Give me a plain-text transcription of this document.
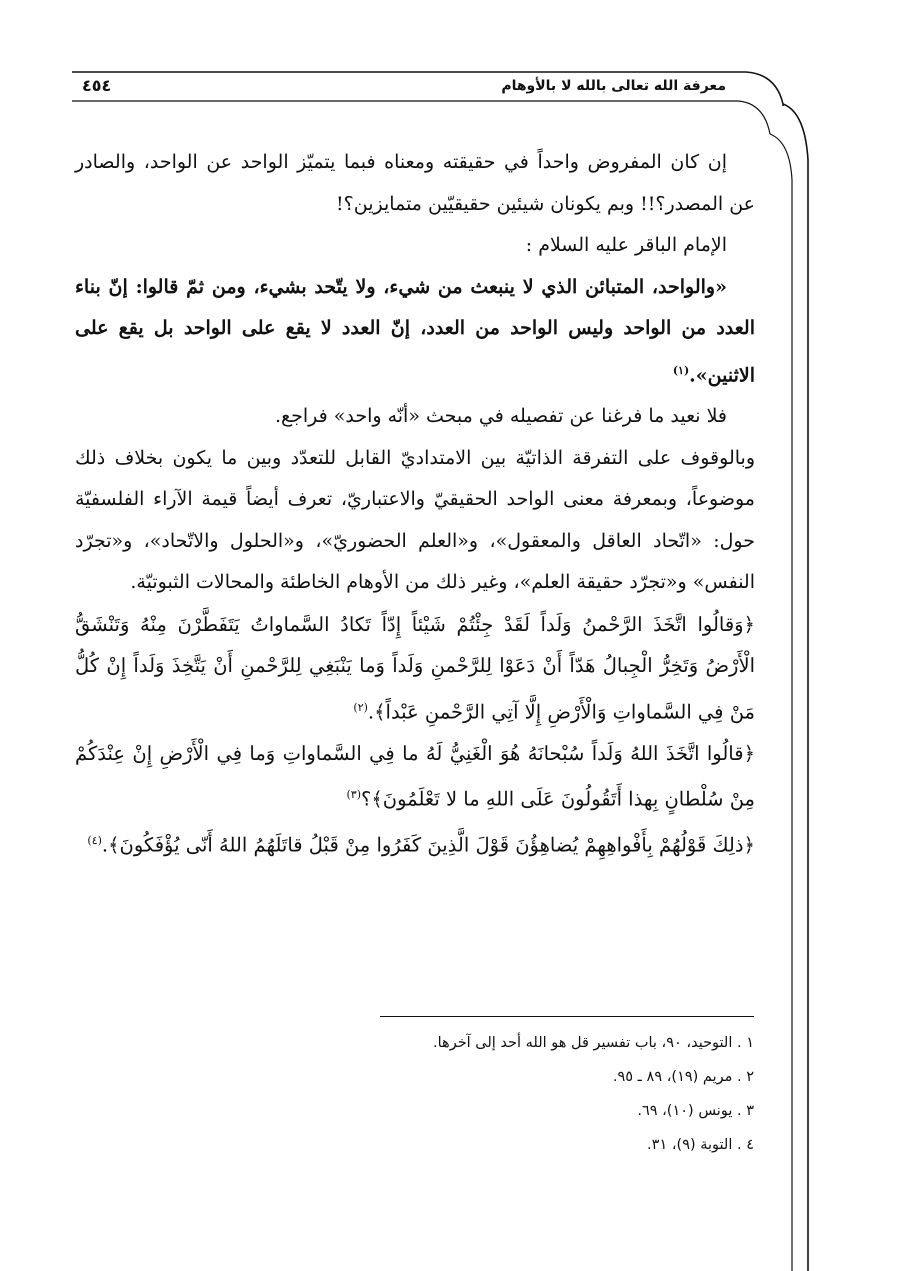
معرفة الله تعالى بالله لا بالأوهام
٤٥٤

إن كان المفروض واحداً في حقيقته ومعناه فبما يتميّز الواحد عن الواحد، والصادر عن المصدر؟!! وبم يكونان شيئين حقيقيّين متمايزين؟!

الإمام الباقر عليه السلام :

«والواحد، المتبائن الذي لا ينبعث من شيء، ولا يتّحد بشيء، ومن ثمّ قالوا: إنّ بناء العدد من الواحد وليس الواحد من العدد، إنّ العدد لا يقع على الواحد بل يقع على الاثنين».$^{(١)}$

فلا نعيد ما فرغنا عن تفصيله في مبحث «أنّه واحد» فراجع.

وبالوقوف على التفرقة الذاتيّة بين الامتداديّ القابل للتعدّد وبين ما يكون بخلاف ذلك موضوعاً، وبمعرفة معنى الواحد الحقيقيّ والاعتباريّ، تعرف أيضاً قيمة الآراء الفلسفيّة حول: «اتّحاد العاقل والمعقول»، و«العلم الحضوريّ»، و«الحلول والاتّحاد»، و«تجرّد النفس» و«تجرّد حقيقة العلم»، وغير ذلك من الأوهام الخاطئة والمحالات الثبوتيّة.

﴿وَقالُوا اتَّخَذَ الرَّحْمنُ وَلَداً لَقَدْ جِئْتُمْ شَيْئاً إِدّاً تَكادُ السَّماواتُ يَتَفَطَّرْنَ مِنْهُ وَتَنْشَقُّ الْأَرْضُ وَتَخِرُّ الْجِبالُ هَدّاً أَنْ دَعَوْا لِلرَّحْمنِ وَلَداً وَما يَنْبَغِي لِلرَّحْمنِ أَنْ يَتَّخِذَ وَلَداً إِنْ كُلُّ مَنْ فِي السَّماواتِ وَالْأَرْضِ إِلَّا آتِي الرَّحْمنِ عَبْداً﴾.$^{(٢)}$

﴿قالُوا اتَّخَذَ اللهُ وَلَداً سُبْحانَهُ هُوَ الْغَنِيُّ لَهُ ما فِي السَّماواتِ وَما فِي الْأَرْضِ إِنْ عِنْدَكُمْ مِنْ سُلْطانٍ بِهذا أَتَقُولُونَ عَلَى اللهِ ما لا تَعْلَمُونَ﴾؟$^{(٣)}$

﴿ذلِكَ قَوْلُهُمْ بِأَفْواهِهِمْ يُضاهِؤُنَ قَوْلَ الَّذِينَ كَفَرُوا مِنْ قَبْلُ قاتَلَهُمُ اللهُ أَنّى يُؤْفَكُونَ﴾.$^{(٤)}$

١ . التوحيد، ٩٠، باب تفسير قل هو الله أحد إلى آخرها.

٢ . مريم (١٩)، ٨٩ ـ ٩٥.

٣ . يونس (١٠)، ٦٩.

٤ . التوبة (٩)، ٣١.
